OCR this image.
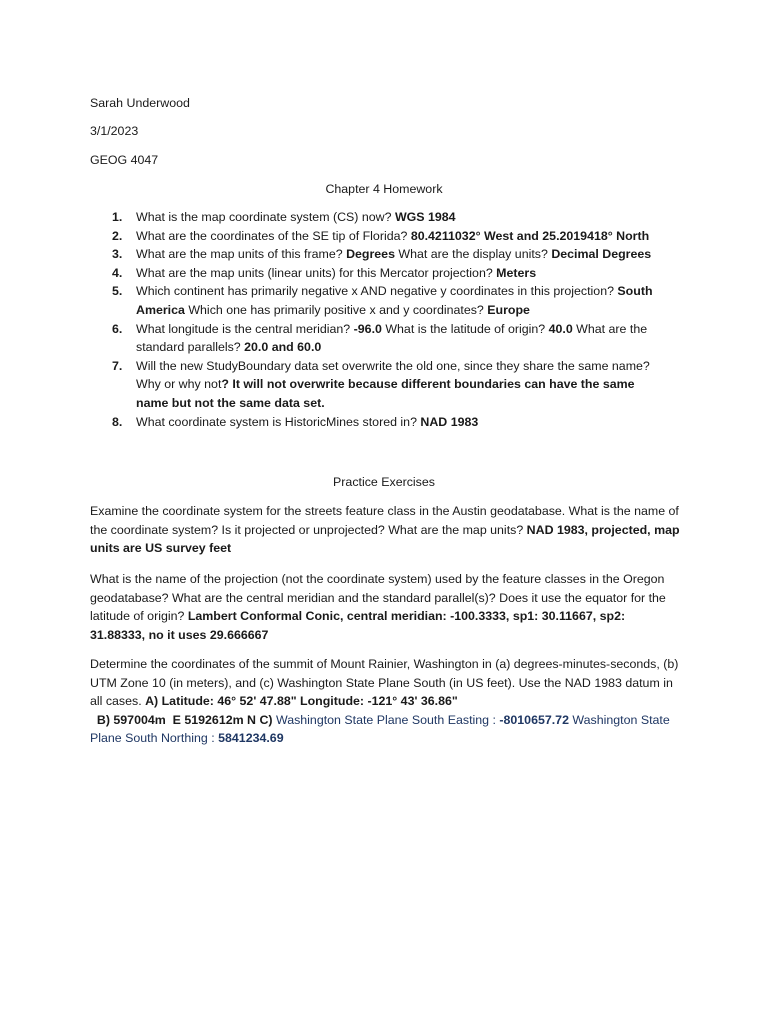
Sarah Underwood
3/1/2023
GEOG 4047
Chapter 4 Homework
1. What is the map coordinate system (CS) now? WGS 1984
2. What are the coordinates of the SE tip of Florida? 80.4211032° West and 25.2019418° North
3. What are the map units of this frame? Degrees What are the display units? Decimal Degrees
4. What are the map units (linear units) for this Mercator projection? Meters
5. Which continent has primarily negative x AND negative y coordinates in this projection? South America Which one has primarily positive x and y coordinates? Europe
6. What longitude is the central meridian? -96.0 What is the latitude of origin? 40.0 What are the standard parallels? 20.0 and 60.0
7. Will the new StudyBoundary data set overwrite the old one, since they share the same name? Why or why not? It will not overwrite because different boundaries can have the same name but not the same data set.
8. What coordinate system is HistoricMines stored in? NAD 1983
Practice Exercises
Examine the coordinate system for the streets feature class in the Austin geodatabase. What is the name of the coordinate system? Is it projected or unprojected? What are the map units? NAD 1983, projected, map units are US survey feet
What is the name of the projection (not the coordinate system) used by the feature classes in the Oregon geodatabase? What are the central meridian and the standard parallel(s)? Does it use the equator for the latitude of origin? Lambert Conformal Conic, central meridian: -100.3333, sp1: 30.11667, sp2: 31.88333, no it uses 29.666667
Determine the coordinates of the summit of Mount Rainier, Washington in (a) degrees-minutes-seconds, (b) UTM Zone 10 (in meters), and (c) Washington State Plane South (in US feet). Use the NAD 1983 datum in all cases. A) Latitude: 46° 52' 47.88" Longitude: -121° 43' 36.86"  B) 597004m  E 5192612m N C) Washington State Plane South Easting : -8010657.72 Washington State Plane South Northing : 5841234.69
